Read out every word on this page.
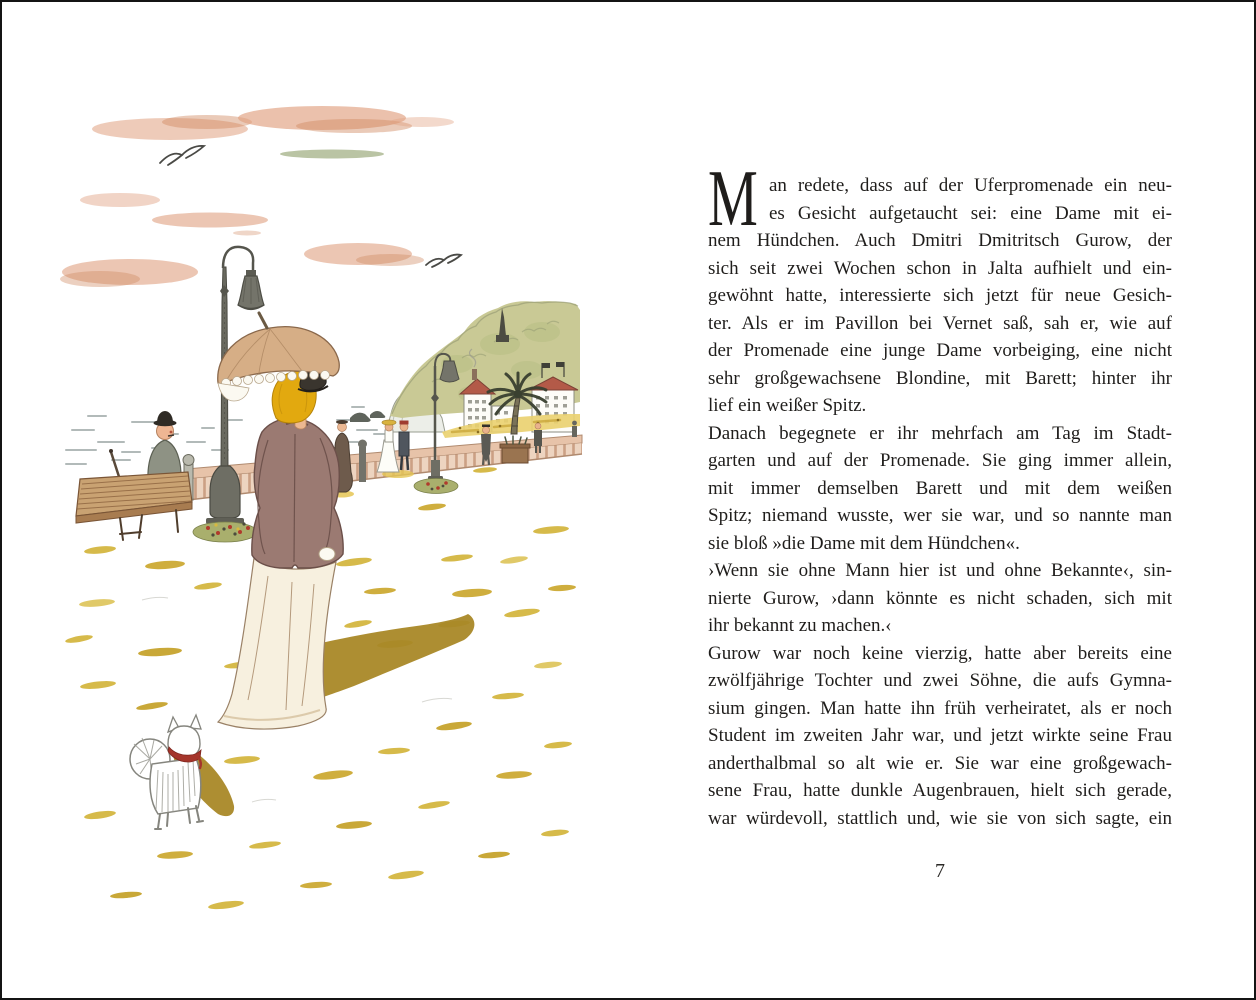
M an redete, dass auf der Uferpromenade ein neu-
es Gesicht aufgetaucht sei: eine Dame mit ei-
nem Hündchen. Auch Dmitri Dmitritsch Gurow, der
sich seit zwei Wochen schon in Jalta aufhielt und ein-
gewöhnt hatte, interessierte sich jetzt für neue Gesich-
ter. Als er im Pavillon bei Vernet saß, sah er, wie auf
der Promenade eine junge Dame vorbeiging, eine nicht
sehr großgewachsene Blondine, mit Barett; hinter ihr
lief ein weißer Spitz.
Danach begegnete er ihr mehrfach am Tag im Stadt-
garten und auf der Promenade. Sie ging immer allein,
mit immer demselben Barett und mit dem weißen
Spitz; niemand wusste, wer sie war, und so nannte man
sie bloß »die Dame mit dem Hündchen«.
›Wenn sie ohne Mann hier ist und ohne Bekannte‹, sin-
nierte Gurow, ›dann könnte es nicht schaden, sich mit
ihr bekannt zu machen.‹
Gurow war noch keine vierzig, hatte aber bereits eine
zwölfjährige Tochter und zwei Söhne, die aufs Gymna-
sium gingen. Man hatte ihn früh verheiratet, als er noch
Student im zweiten Jahr war, und jetzt wirkte seine Frau
anderthalbmal so alt wie er. Sie war eine großgewach-
sene Frau, hatte dunkle Augenbrauen, hielt sich gerade,
war würdevoll, stattlich und, wie sie von sich sagte, ein
7
